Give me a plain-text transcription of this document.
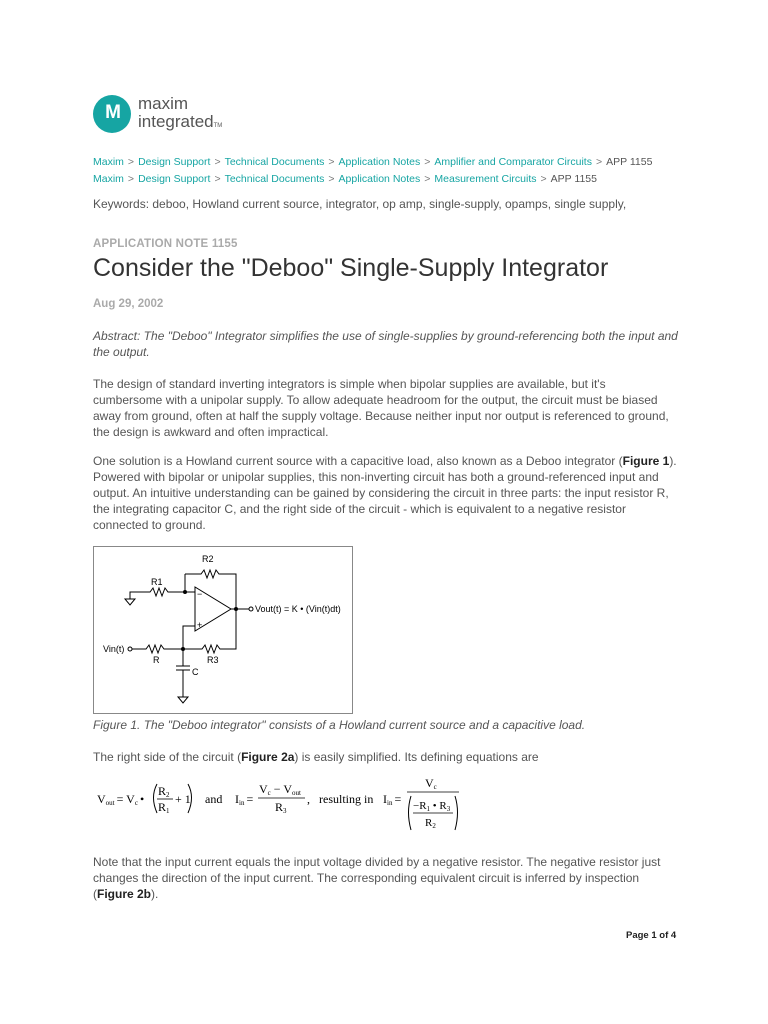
M	maxim
integratedTM
Maxim > Design Support > Technical Documents > Application Notes > Amplifier and Comparator Circuits > APP 1155
Maxim > Design Support > Technical Documents > Application Notes > Measurement Circuits > APP 1155
Keywords: deboo, Howland current source, integrator, op amp, single-supply, opamps, single supply,
APPLICATION NOTE 1155
Consider the "Deboo" Single-Supply Integrator
Aug 29, 2002
Abstract: The "Deboo" Integrator simplifies the use of single-supplies by ground-referencing both the input and the output.
The design of standard inverting integrators is simple when bipolar supplies are available, but it's cumbersome with a unipolar supply. To allow adequate headroom for the output, the circuit must be biased away from ground, often at half the supply voltage. Because neither input nor output is referenced to ground, the design is awkward and often impractical.
One solution is a Howland current source with a capacitive load, also known as a Deboo integrator (Figure 1). Powered with bipolar or unipolar supplies, this non-inverting circuit has both a ground-referenced input and output. An intuitive understanding can be gained by considering the circuit in three parts: the input resistor R, the integrating capacitor C, and the right side of the circuit - which is equivalent to a negative resistor connected to ground.
R2
R1
−
+
Vout(t) = K • (Vin(t)dt)
Vin(t)
R	R3
C
Figure 1. The "Deboo integrator" consists of a Howland current source and a capacitive load.
The right side of the circuit (Figure 2a) is easily simplified. Its defining equations are
Vout = Vc •
R2
R1
+ 1 and Iin =
Vc − Vout
R3
, resulting in Iin =
Vc
−R1 • R3
R2
Note that the input current equals the input voltage divided by a negative resistor. The negative resistor just changes the direction of the input current. The corresponding equivalent circuit is inferred by inspection (Figure 2b).
Page 1 of 4
